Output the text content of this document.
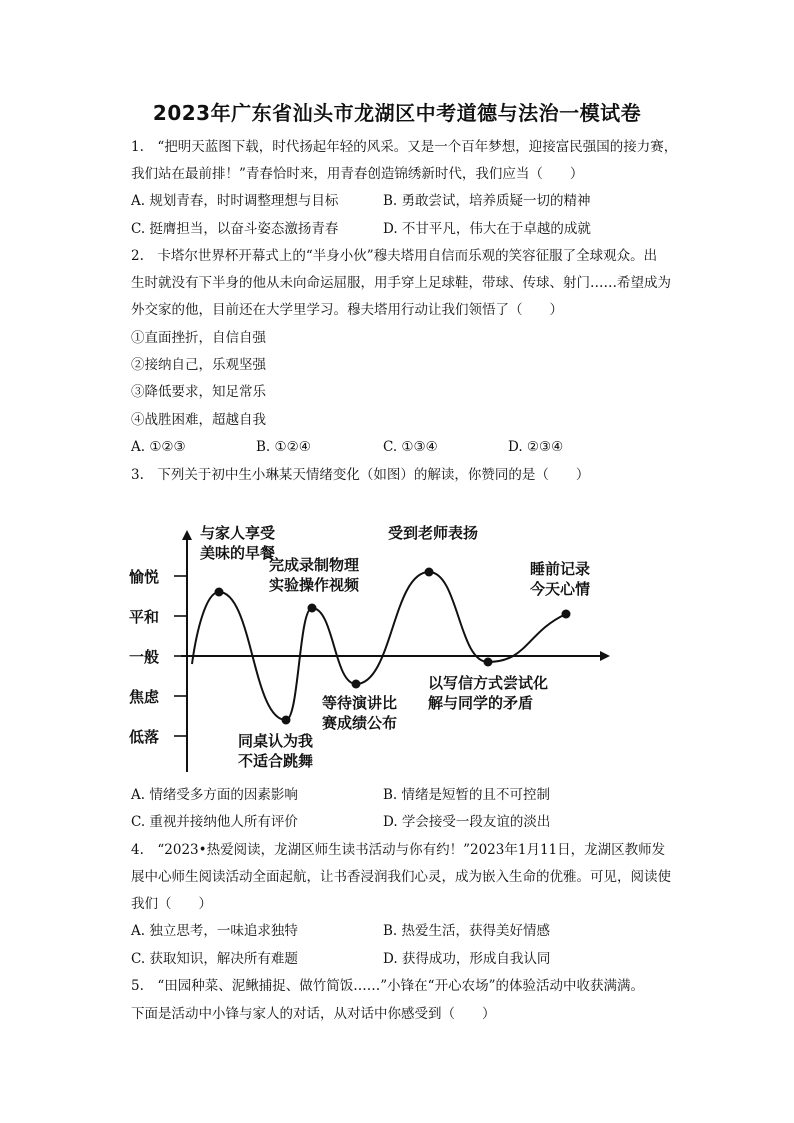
2023年广东省汕头市龙湖区中考道德与法治一模试卷
1.　“把明天蓝图下载，时代扬起年轻的风采。又是一个百年梦想，迎接富民强国的接力赛，
我们站在最前排！”青春恰时来，用青春创造锦绣新时代，我们应当（　　）
A. 规划青春，时时调整理想与目标	B. 勇敢尝试，培养质疑一切的精神
C. 挺膺担当，以奋斗姿态激扬青春	D. 不甘平凡，伟大在于卓越的成就
2.　卡塔尔世界杯开幕式上的“半身小伙”穆夫塔用自信而乐观的笑容征服了全球观众。出
生时就没有下半身的他从未向命运屈服，用手穿上足球鞋，带球、传球、射门……希望成为
外交家的他，目前还在大学里学习。穆夫塔用行动让我们领悟了（　　）
①直面挫折，自信自强
②接纳自己，乐观坚强
③降低要求，知足常乐
④战胜困难，超越自我
A. ①②③	B. ①②④	C. ①③④	D. ②③④
3.　下列关于初中生小琳某天情绪变化（如图）的解读，你赞同的是（　　）
愉悦
平和
一般
焦虑
低落
与家人享受
美味的早餐
同桌认为我
不适合跳舞
完成录制物理
实验操作视频
等待演讲比
赛成绩公布
受到老师表扬
以写信方式尝试化
解与同学的矛盾
睡前记录
今天心情
A. 情绪受多方面的因素影响	B. 情绪是短暂的且不可控制
C. 重视并接纳他人所有评价	D. 学会接受一段友谊的淡出
4.　“2023•热爱阅读，龙湖区师生读书活动与你有约！”2023年1月11日，龙湖区教师发
展中心师生阅读活动全面起航，让书香浸润我们心灵，成为嵌入生命的优雅。可见，阅读使
我们（　　）
A. 独立思考，一味追求独特	B. 热爱生活，获得美好情感
C. 获取知识，解决所有难题	D. 获得成功，形成自我认同
5.　“田园种菜、泥鳅捕捉、做竹简饭……”小锋在“开心农场”的体验活动中收获满满。
下面是活动中小锋与家人的对话，从对话中你感受到（　　）
